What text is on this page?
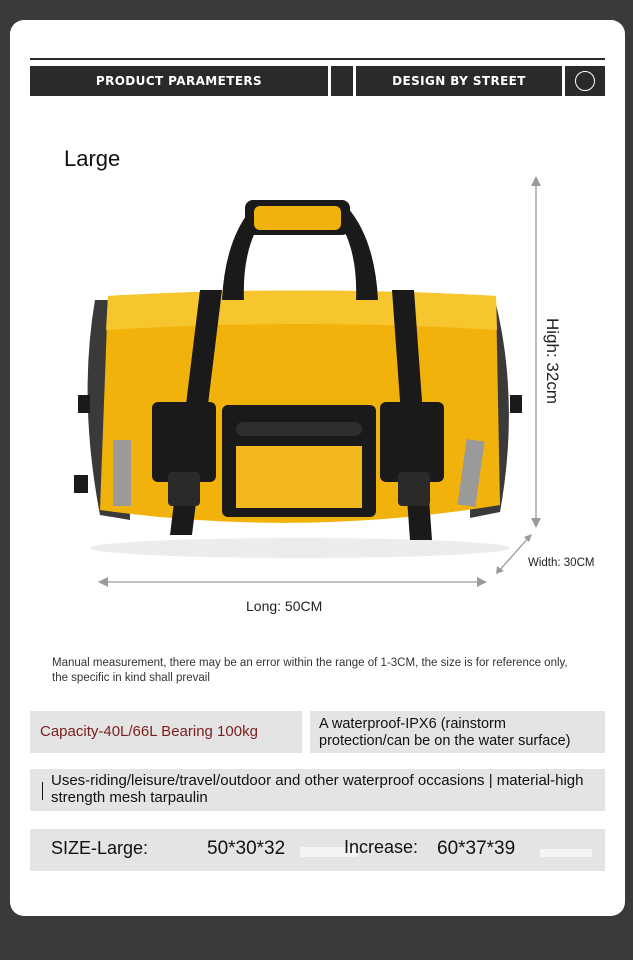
PRODUCT PARAMETERS	DESIGN BY STREET
Large
High: 32cm
Width: 30CM
Long: 50CM
Manual measurement, there may be an error within the range of 1-3CM, the size is for reference only, the specific in kind shall prevail
Capacity-40L/66L Bearing 100kg	A waterproof-IPX6 (rainstorm protection/can be on the water surface)
Uses-riding/leisure/travel/outdoor and other waterproof occasions | material-high strength mesh tarpaulin
SIZE-Large:	50*30*32	Increase: 60*37*39
